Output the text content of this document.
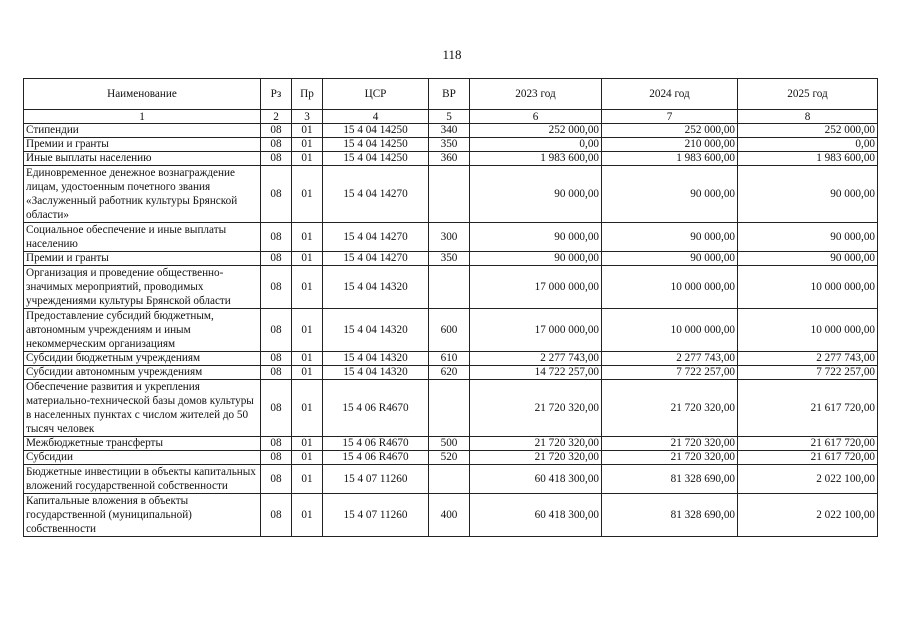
118
Наименование	Рз	Пр	ЦСР	ВР	2023 год	2024 год	2025 год
1	2	3	4	5	6	7	8
Стипендии	08	01	15 4 04 14250	340	252 000,00	252 000,00	252 000,00
Премии и гранты	08	01	15 4 04 14250	350	0,00	210 000,00	0,00
Иные выплаты населению	08	01	15 4 04 14250	360	1 983 600,00	1 983 600,00	1 983 600,00
Единовременное денежное вознаграждение лицам, удостоенным почетного звания «Заслуженный работник культуры Брянской области»	08	01	15 4 04 14270		90 000,00	90 000,00	90 000,00
Социальное обеспечение и иные выплаты населению	08	01	15 4 04 14270	300	90 000,00	90 000,00	90 000,00
Премии и гранты	08	01	15 4 04 14270	350	90 000,00	90 000,00	90 000,00
Организация и проведение общественно-значимых мероприятий, проводимых учреждениями культуры Брянской области	08	01	15 4 04 14320		17 000 000,00	10 000 000,00	10 000 000,00
Предоставление субсидий бюджетным, автономным учреждениям и иным некоммерческим организациям	08	01	15 4 04 14320	600	17 000 000,00	10 000 000,00	10 000 000,00
Субсидии бюджетным учреждениям	08	01	15 4 04 14320	610	2 277 743,00	2 277 743,00	2 277 743,00
Субсидии автономным учреждениям	08	01	15 4 04 14320	620	14 722 257,00	7 722 257,00	7 722 257,00
Обеспечение развития и укрепления материально-технической базы домов культуры в населенных пунктах с числом жителей до 50 тысяч человек	08	01	15 4 06 R4670		21 720 320,00	21 720 320,00	21 617 720,00
Межбюджетные трансферты	08	01	15 4 06 R4670	500	21 720 320,00	21 720 320,00	21 617 720,00
Субсидии	08	01	15 4 06 R4670	520	21 720 320,00	21 720 320,00	21 617 720,00
Бюджетные инвестиции в объекты капитальных вложений государственной собственности	08	01	15 4 07 11260		60 418 300,00	81 328 690,00	2 022 100,00
Капитальные вложения в объекты государственной (муниципальной) собственности	08	01	15 4 07 11260	400	60 418 300,00	81 328 690,00	2 022 100,00
